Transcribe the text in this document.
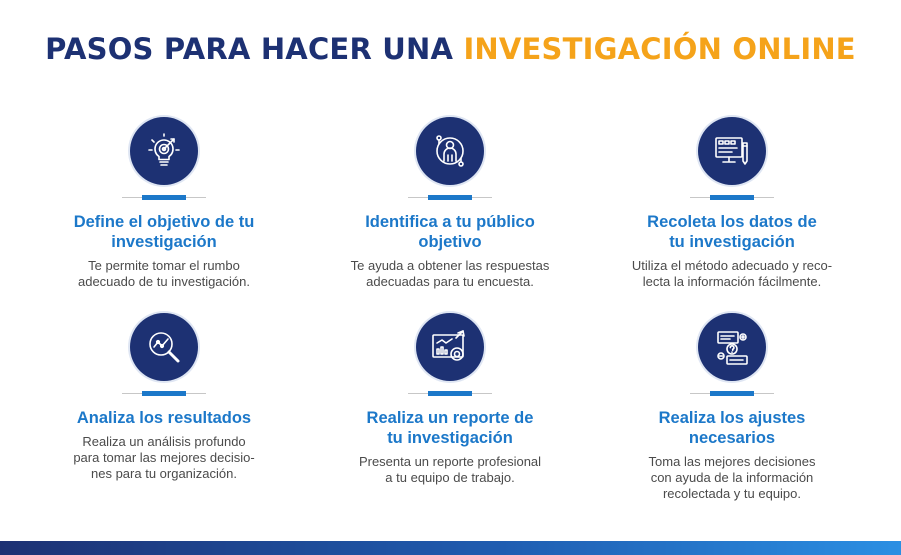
PASOS PARA HACER UNA INVESTIGACIÓN ONLINE
Define el objetivo de tu
investigación
Te permite tomar el rumbo
adecuado de tu investigación.
Identifica a tu público
objetivo
Te ayuda a obtener las respuestas
adecuadas para tu encuesta.
Recoleta los datos de
tu investigación
Utiliza el método adecuado y reco-
lecta la información fácilmente.
Analiza los resultados
Realiza un análisis profundo
para tomar las mejores decisio-
nes para tu organización.
Realiza un reporte de
tu investigación
Presenta un reporte profesional
a tu equipo de trabajo.
Realiza los ajustes
necesarios
Toma las mejores decisiones
con ayuda de la información
recolectada y tu equipo.
